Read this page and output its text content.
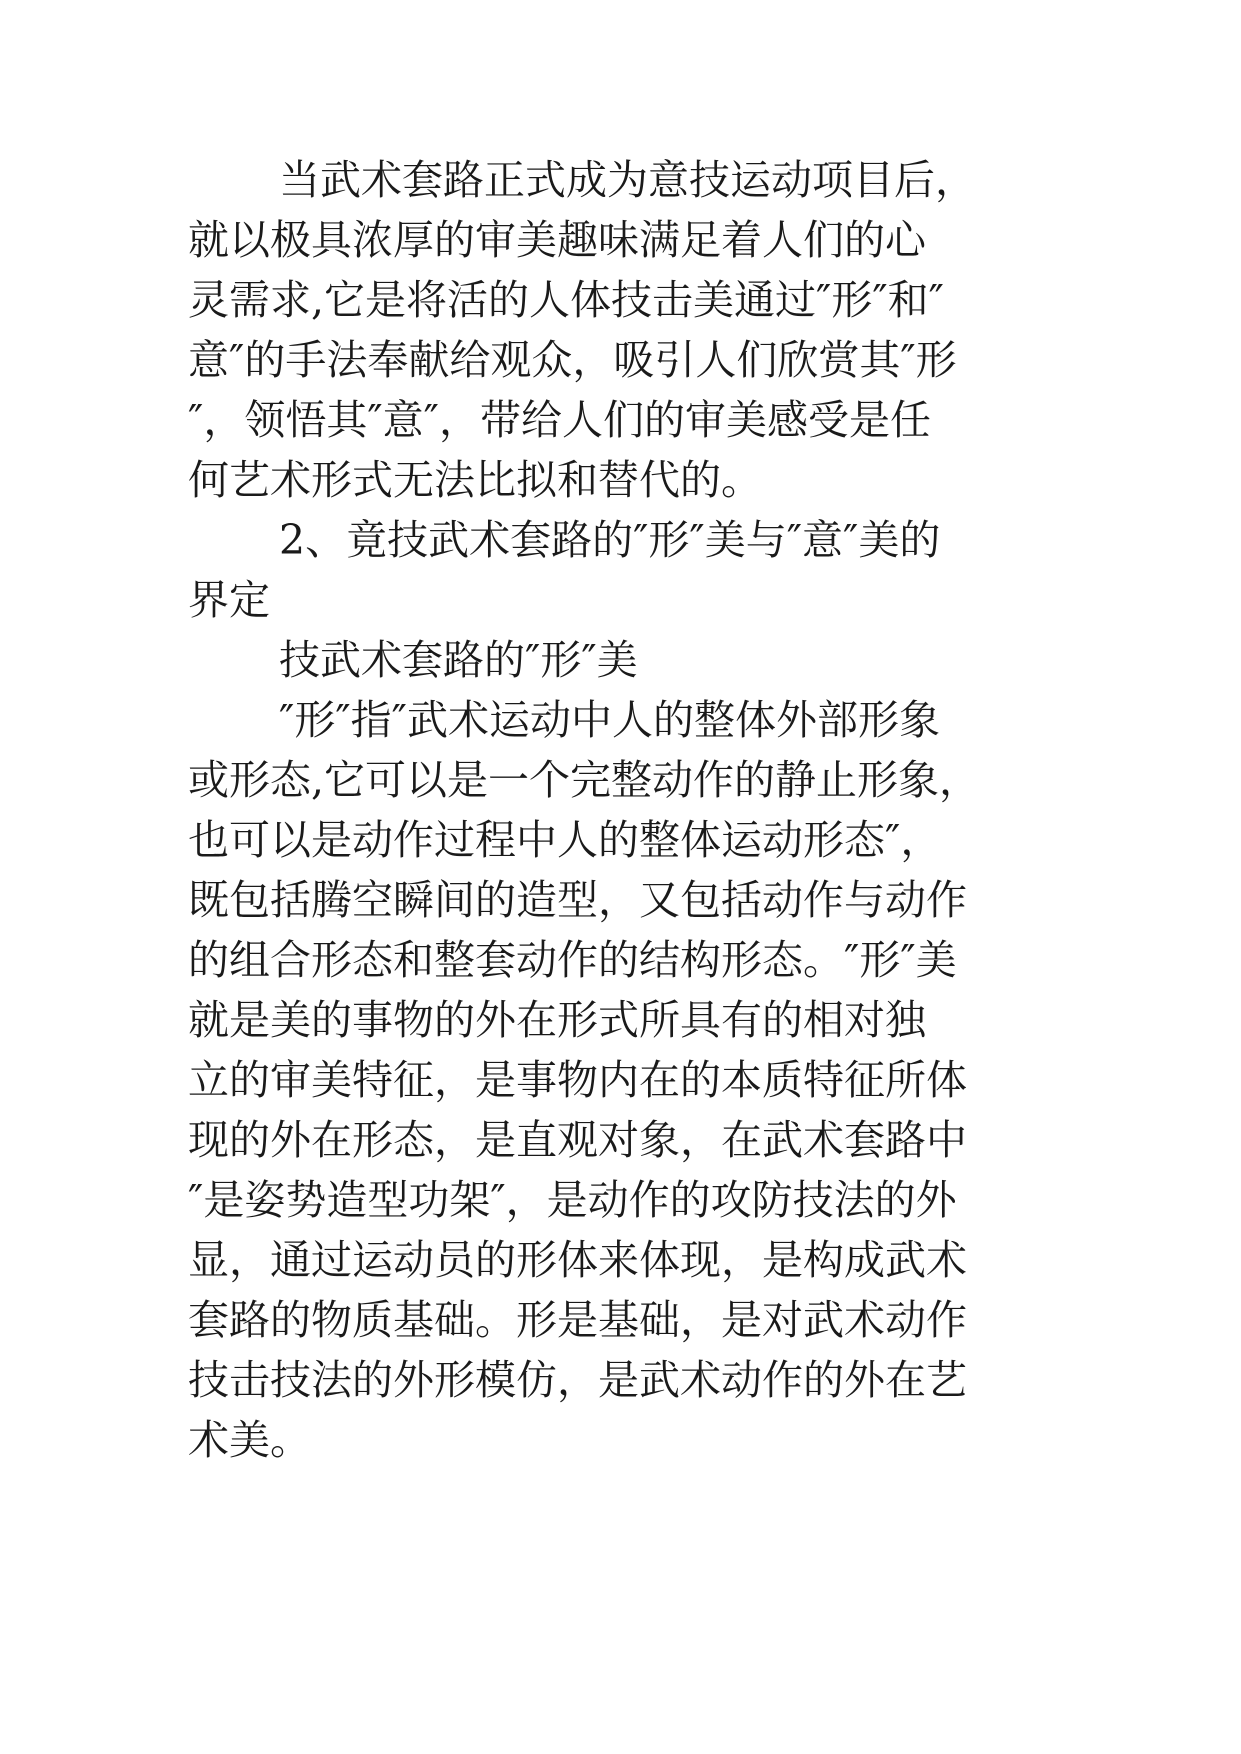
当武术套路正式成为意技运动项目后，
就以极具浓厚的审美趣味满足着人们的心
灵需求,它是将活的人体技击美通过″形″和″
意″的手法奉献给观众，吸引人们欣赏其″形
″，领悟其″意″，带给人们的审美感受是任
何艺术形式无法比拟和替代的。
2、竟技武术套路的″形″美与″意″美的
界定
技武术套路的″形″美
″形″指″武术运动中人的整体外部形象
或形态,它可以是一个完整动作的静止形象，
也可以是动作过程中人的整体运动形态″，
既包括腾空瞬间的造型，又包括动作与动作
的组合形态和整套动作的结构形态。″形″美
就是美的事物的外在形式所具有的相对独
立的审美特征，是事物内在的本质特征所体
现的外在形态，是直观对象，在武术套路中
″是姿势造型功架″，是动作的攻防技法的外
显，通过运动员的形体来体现，是构成武术
套路的物质基础。形是基础，是对武术动作
技击技法的外形模仿，是武术动作的外在艺
术美。
